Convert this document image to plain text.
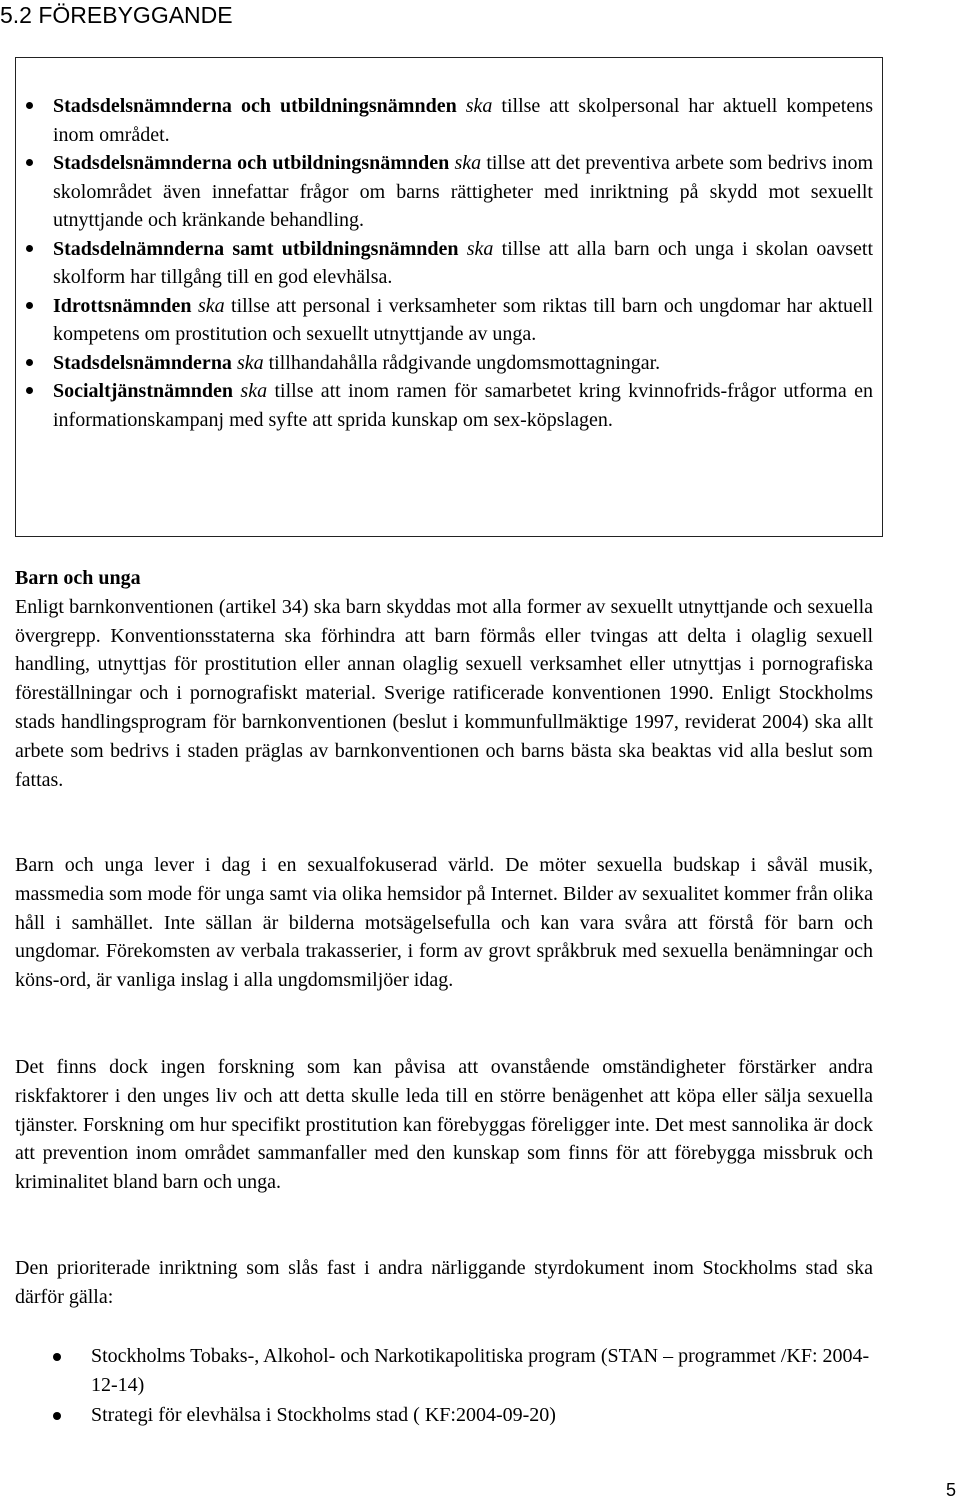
5.2 FÖREBYGGANDE
Stadsdelsnämnderna och utbildningsnämnden ska tillse att skolpersonal har aktuell kompetens inom området.
Stadsdelsnämnderna och utbildningsnämnden ska tillse att det preventiva arbete som bedrivs inom skolområdet även innefattar frågor om barns rättigheter med inriktning på skydd mot sexuellt utnyttjande och kränkande behandling.
Stadsdelnämnderna samt utbildningsnämnden ska tillse att alla barn och unga i skolan oavsett skolform har tillgång till en god elevhälsa.
Idrottsnämnden ska tillse att personal i verksamheter som riktas till barn och ungdomar har aktuell kompetens om prostitution och sexuellt utnyttjande av unga.
Stadsdelsnämnderna ska tillhandahålla rådgivande ungdomsmottagningar.
Socialtjänstnämnden ska tillse att inom ramen för samarbetet kring kvinnofrids-frågor utforma en informationskampanj med syfte att sprida kunskap om sex-köpslagen.

Barn och unga
Enligt barnkonventionen (artikel 34) ska barn skyddas mot alla former av sexuellt utnyttjande och sexuella övergrepp. Konventionsstaterna ska förhindra att barn förmås eller tvingas att delta i olaglig sexuell handling, utnyttjas för prostitution eller annan olaglig sexuell verksamhet eller utnyttjas i pornografiska föreställningar och i pornografiskt material. Sverige ratificerade konventionen 1990. Enligt Stockholms stads handlingsprogram för barnkonventionen (beslut i kommunfullmäktige 1997, reviderat 2004) ska allt arbete som bedrivs i staden präglas av barnkonventionen och barns bästa ska beaktas vid alla beslut som fattas.

Barn och unga lever i dag i en sexualfokuserad värld. De möter sexuella budskap i såväl musik, massmedia som mode för unga samt via olika hemsidor på Internet. Bilder av sexualitet kommer från olika håll i samhället. Inte sällan är bilderna motsägelsefulla och kan vara svåra att förstå för barn och ungdomar. Förekomsten av verbala trakasserier, i form av grovt språkbruk med sexuella benämningar och köns-ord, är vanliga inslag i alla ungdomsmiljöer idag.

Det finns dock ingen forskning som kan påvisa att ovanstående omständigheter förstärker andra riskfaktorer i den unges liv och att detta skulle leda till en större benägenhet att köpa eller sälja sexuella tjänster. Forskning om hur specifikt prostitution kan förebyggas föreligger inte. Det mest sannolika är dock att prevention inom området sammanfaller med den kunskap som finns för att förebygga missbruk och kriminalitet bland barn och unga.

Den prioriterade inriktning som slås fast i andra närliggande styrdokument inom Stockholms stad ska därför gälla:

Stockholms Tobaks-, Alkohol- och Narkotikapolitiska program (STAN – programmet /KF: 2004-12-14)
Strategi för elevhälsa i Stockholms stad ( KF:2004-09-20)
5
